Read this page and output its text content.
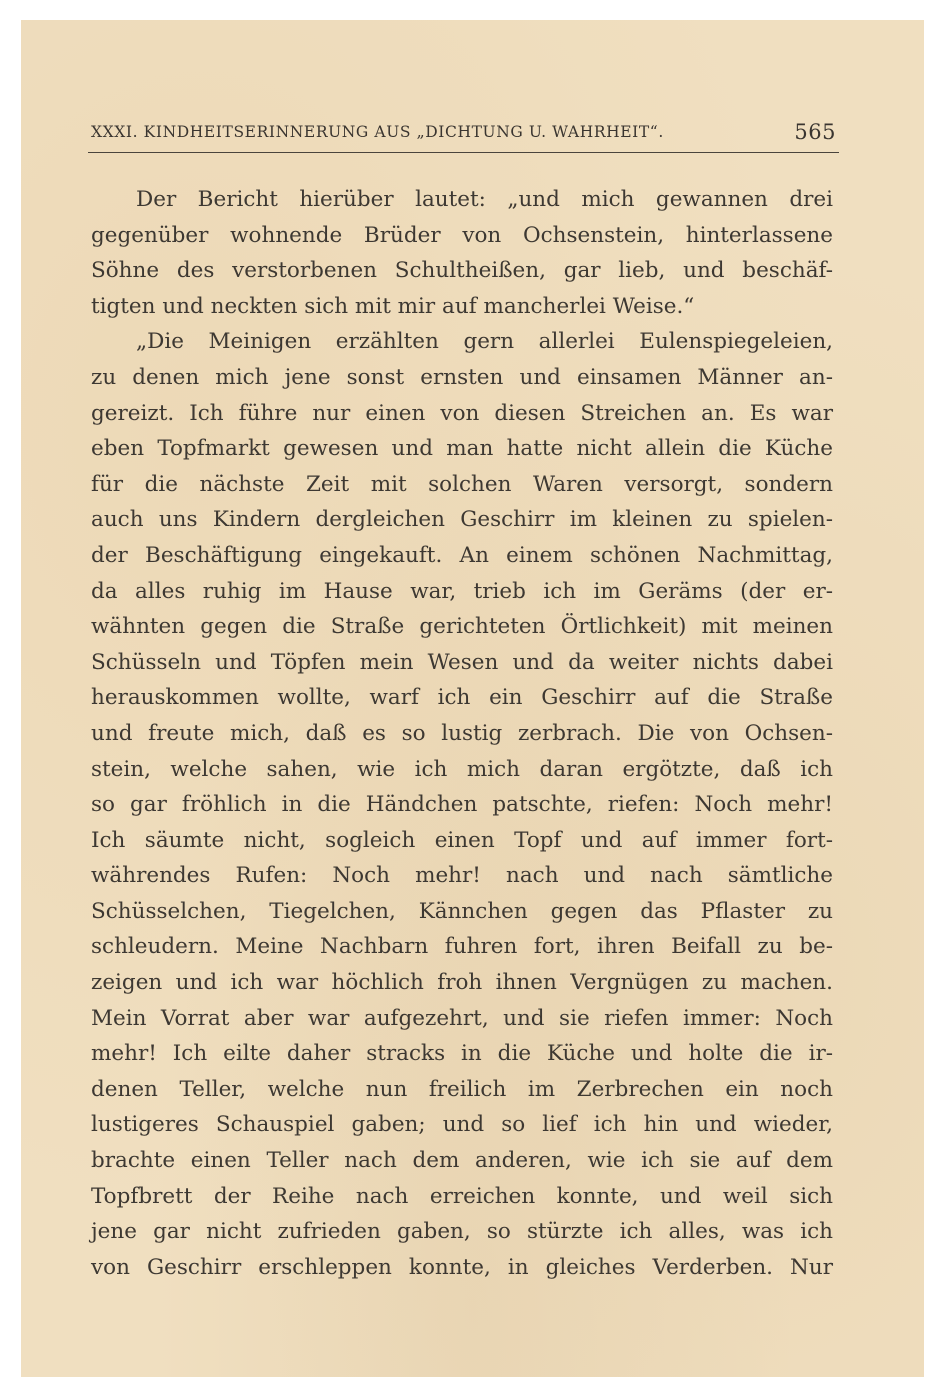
XXXI. KINDHEITSERINNERUNG AUS „DICHTUNG U. WAHRHEIT“.	565
Der Bericht hierüber lautet: „und mich gewannen drei
gegenüber wohnende Brüder von Ochsenstein, hinterlassene
Söhne des verstorbenen Schultheißen, gar lieb, und beschäf-
tigten und neckten sich mit mir auf mancherlei Weise.“
„Die Meinigen erzählten gern allerlei Eulenspiegeleien,
zu denen mich jene sonst ernsten und einsamen Männer an-
gereizt. Ich führe nur einen von diesen Streichen an. Es war
eben Topfmarkt gewesen und man hatte nicht allein die Küche
für die nächste Zeit mit solchen Waren versorgt, sondern
auch uns Kindern dergleichen Geschirr im kleinen zu spielen-
der Beschäftigung eingekauft. An einem schönen Nachmittag,
da alles ruhig im Hause war, trieb ich im Geräms (der er-
wähnten gegen die Straße gerichteten Örtlichkeit) mit meinen
Schüsseln und Töpfen mein Wesen und da weiter nichts dabei
herauskommen wollte, warf ich ein Geschirr auf die Straße
und freute mich, daß es so lustig zerbrach. Die von Ochsen-
stein, welche sahen, wie ich mich daran ergötzte, daß ich
so gar fröhlich in die Händchen patschte, riefen: Noch mehr!
Ich säumte nicht, sogleich einen Topf und auf immer fort-
währendes Rufen: Noch mehr! nach und nach sämtliche
Schüsselchen, Tiegelchen, Kännchen gegen das Pflaster zu
schleudern. Meine Nachbarn fuhren fort, ihren Beifall zu be-
zeigen und ich war höchlich froh ihnen Vergnügen zu machen.
Mein Vorrat aber war aufgezehrt, und sie riefen immer: Noch
mehr! Ich eilte daher stracks in die Küche und holte die ir-
denen Teller, welche nun freilich im Zerbrechen ein noch
lustigeres Schauspiel gaben; und so lief ich hin und wieder,
brachte einen Teller nach dem anderen, wie ich sie auf dem
Topfbrett der Reihe nach erreichen konnte, und weil sich
jene gar nicht zufrieden gaben, so stürzte ich alles, was ich
von Geschirr erschleppen konnte, in gleiches Verderben. Nur
